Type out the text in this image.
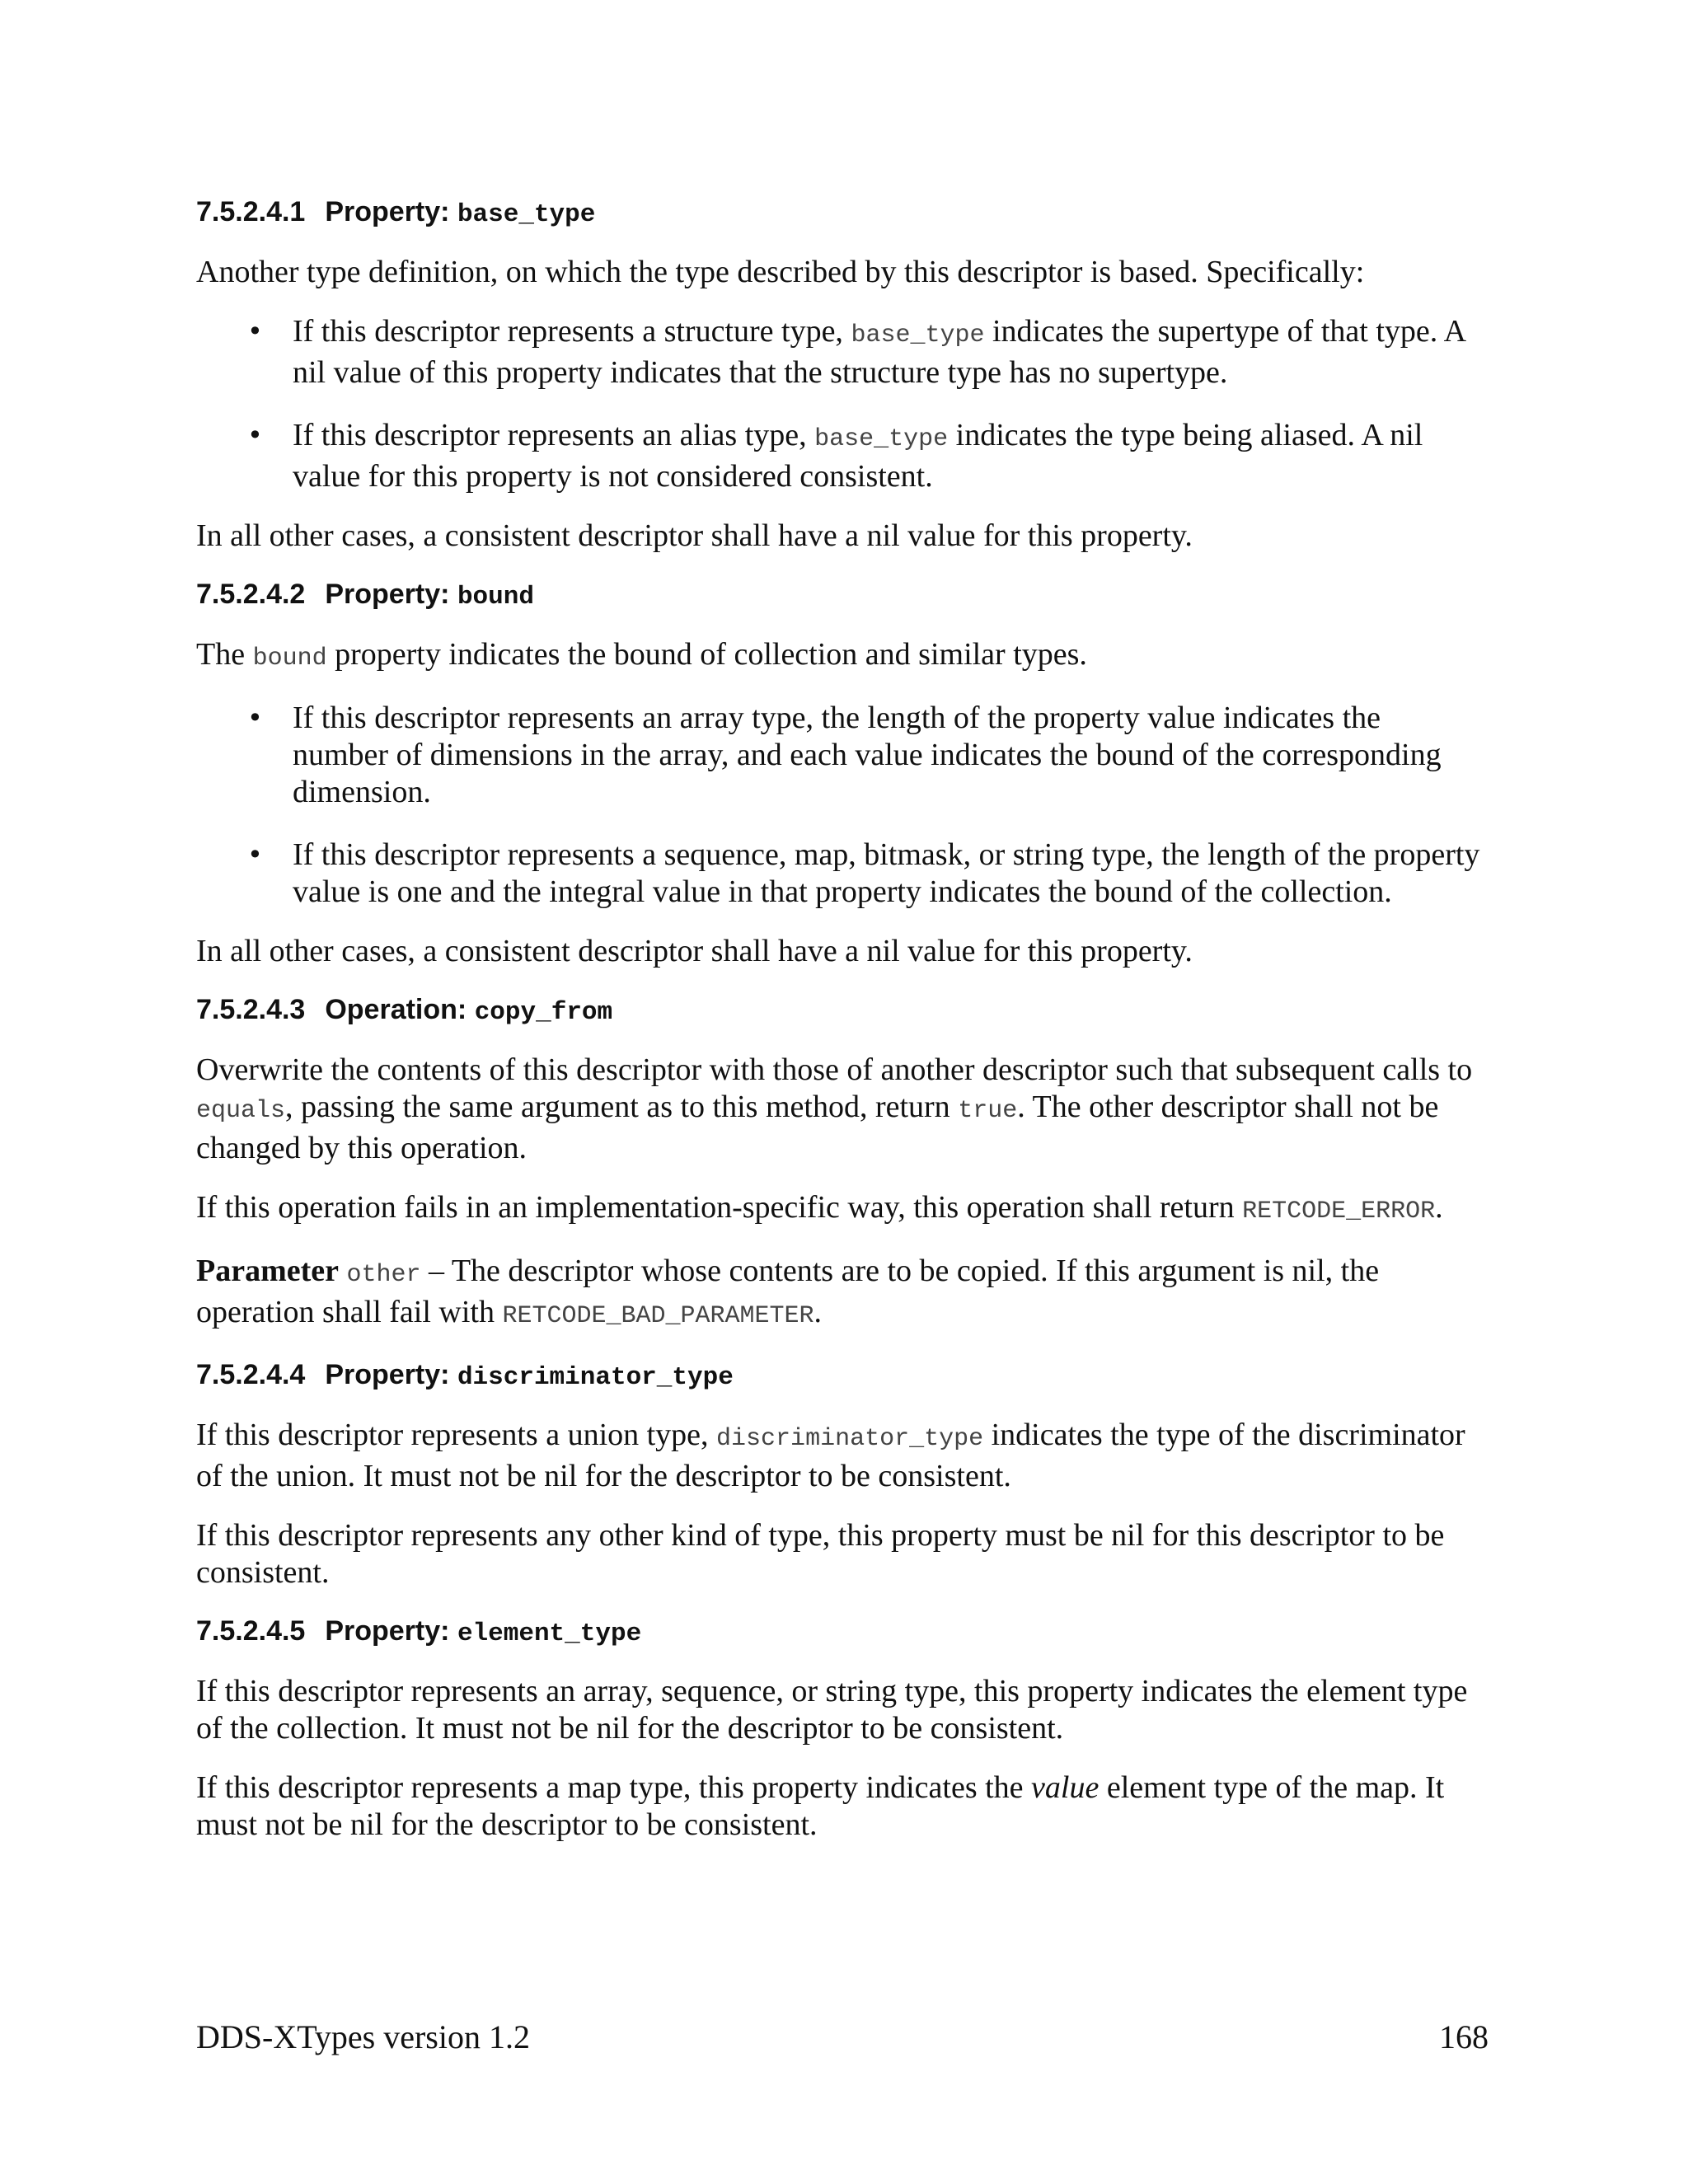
7.5.2.4.1 Property: base_type

Another type definition, on which the type described by this descriptor is based. Specifically:

• If this descriptor represents a structure type, base_type indicates the supertype of that type. A nil value of this property indicates that the structure type has no supertype.
• If this descriptor represents an alias type, base_type indicates the type being aliased. A nil value for this property is not considered consistent.

In all other cases, a consistent descriptor shall have a nil value for this property.

7.5.2.4.2 Property: bound

The bound property indicates the bound of collection and similar types.

• If this descriptor represents an array type, the length of the property value indicates the number of dimensions in the array, and each value indicates the bound of the corresponding dimension.
• If this descriptor represents a sequence, map, bitmask, or string type, the length of the property value is one and the integral value in that property indicates the bound of the collection.

In all other cases, a consistent descriptor shall have a nil value for this property.

7.5.2.4.3 Operation: copy_from

Overwrite the contents of this descriptor with those of another descriptor such that subsequent calls to equals, passing the same argument as to this method, return true. The other descriptor shall not be changed by this operation.

If this operation fails in an implementation-specific way, this operation shall return RETCODE_ERROR.

Parameter other – The descriptor whose contents are to be copied. If this argument is nil, the operation shall fail with RETCODE_BAD_PARAMETER.

7.5.2.4.4 Property: discriminator_type

If this descriptor represents a union type, discriminator_type indicates the type of the discriminator of the union. It must not be nil for the descriptor to be consistent.

If this descriptor represents any other kind of type, this property must be nil for this descriptor to be consistent.

7.5.2.4.5 Property: element_type

If this descriptor represents an array, sequence, or string type, this property indicates the element type of the collection. It must not be nil for the descriptor to be consistent.

If this descriptor represents a map type, this property indicates the value element type of the map. It must not be nil for the descriptor to be consistent.

DDS-XTypes version 1.2	168
